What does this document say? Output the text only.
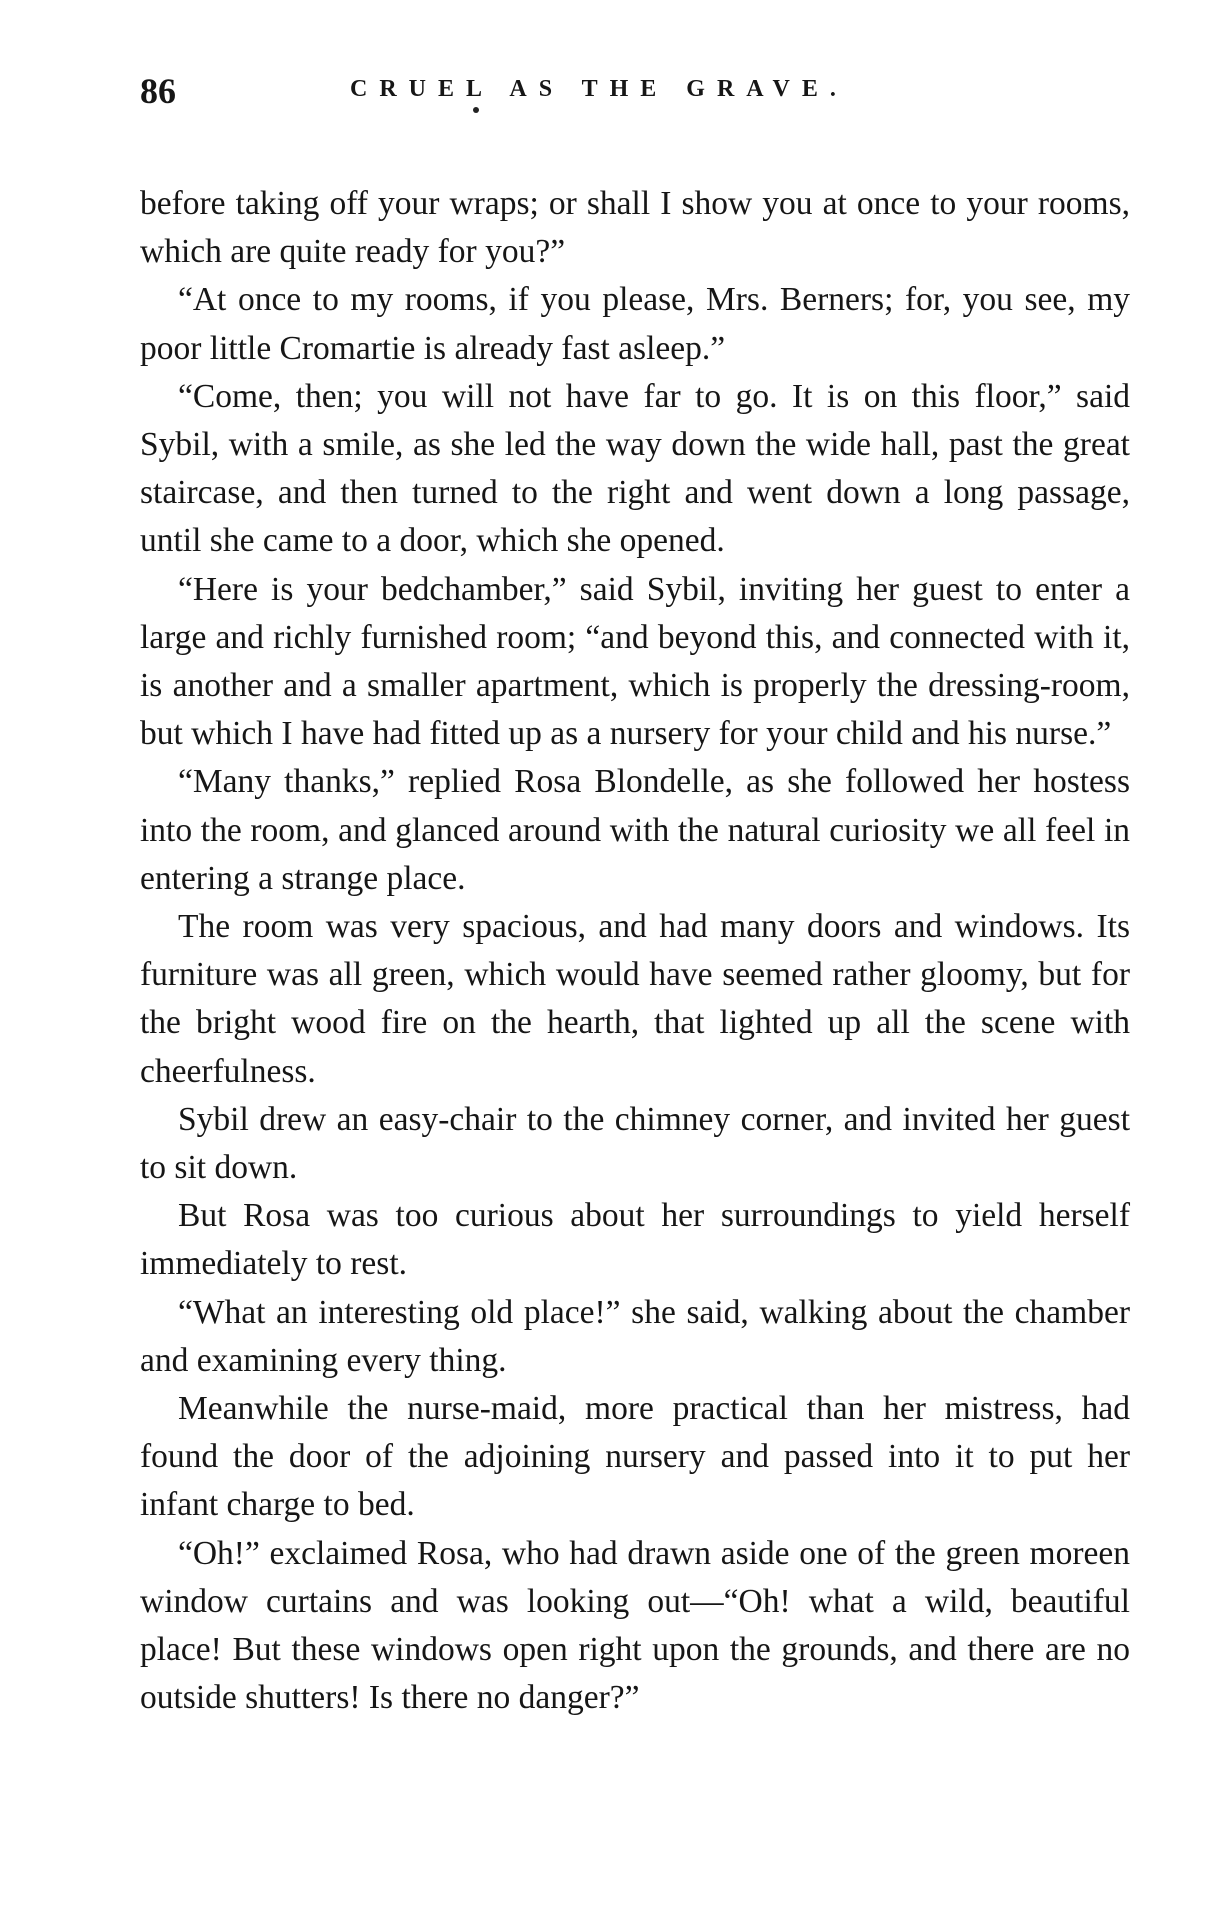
86	CRUEL AS THE GRAVE.

before taking off your wraps; or shall I show you at once to your rooms, which are quite ready for you?”

“At once to my rooms, if you please, Mrs. Berners; for, you see, my poor little Cromartie is already fast asleep.”

“Come, then; you will not have far to go. It is on this floor,” said Sybil, with a smile, as she led the way down the wide hall, past the great staircase, and then turned to the right and went down a long passage, until she came to a door, which she opened.

“Here is your bedchamber,” said Sybil, inviting her guest to enter a large and richly furnished room; “and beyond this, and connected with it, is another and a smaller apartment, which is properly the dressing-room, but which I have had fitted up as a nursery for your child and his nurse.”

“Many thanks,” replied Rosa Blondelle, as she followed her hostess into the room, and glanced around with the natural curiosity we all feel in entering a strange place.

The room was very spacious, and had many doors and windows. Its furniture was all green, which would have seemed rather gloomy, but for the bright wood fire on the hearth, that lighted up all the scene with cheerfulness.

Sybil drew an easy-chair to the chimney corner, and invited her guest to sit down.

But Rosa was too curious about her surroundings to yield herself immediately to rest.

“What an interesting old place!” she said, walking about the chamber and examining every thing.

Meanwhile the nurse-maid, more practical than her mistress, had found the door of the adjoining nursery and passed into it to put her infant charge to bed.

“Oh!” exclaimed Rosa, who had drawn aside one of the green moreen window curtains and was looking out—“Oh! what a wild, beautiful place! But these windows open right upon the grounds, and there are no outside shutters! Is there no danger?”
